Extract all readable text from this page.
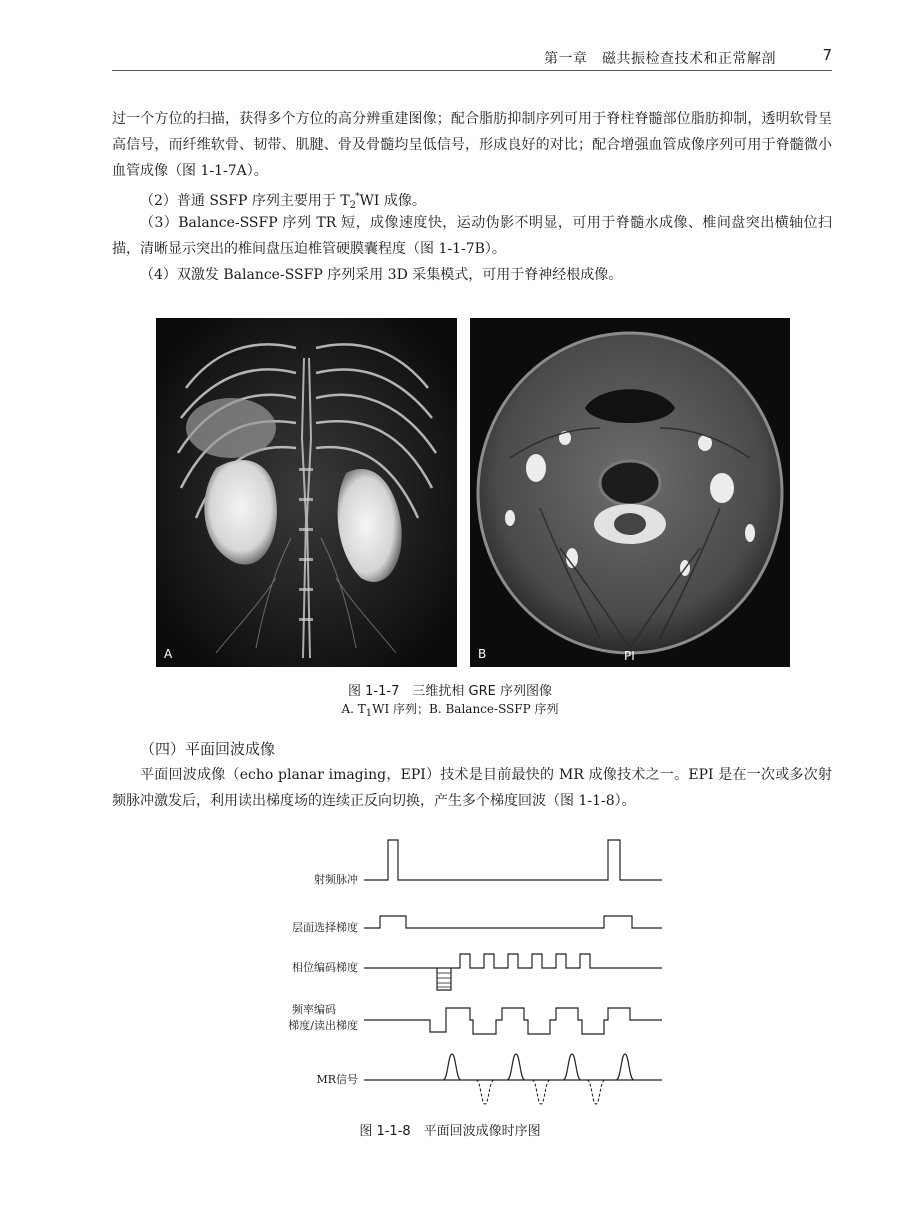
第一章　磁共振检查技术和正常解剖	7

过一个方位的扫描，获得多个方位的高分辨重建图像；配合脂肪抑制序列可用于脊柱脊髓部位脂肪抑制，透明软骨呈高信号，而纤维软骨、韧带、肌腱、骨及骨髓均呈低信号，形成良好的对比；配合增强血管成像序列可用于脊髓微小血管成像（图 1-1-7A）。

（2）普通 SSFP 序列主要用于 $T_2^*WI$ 成像。

（3）Balance-SSFP 序列 TR 短，成像速度快，运动伪影不明显，可用于脊髓水成像、椎间盘突出横轴位扫描，清晰显示突出的椎间盘压迫椎管硬膜囊程度（图 1-1-7B）。

（4）双激发 Balance-SSFP 序列采用 3D 采集模式，可用于脊神经根成像。

A	B	PI
图 1-1-7　三维扰相 GRE 序列图像
A. $T_1WI$ 序列；B. Balance-SSFP 序列
（四）平面回波成像

平面回波成像（echo planar imaging，EPI）技术是目前最快的 MR 成像技术之一。EPI 是在一次或多次射频脉冲激发后，利用读出梯度场的连续正反向切换，产生多个梯度回波（图 1-1-8）。

射频脉冲
层面选择梯度
相位编码梯度
频率编码
梯度/读出梯度
MR信号
图 1-1-8　平面回波成像时序图
